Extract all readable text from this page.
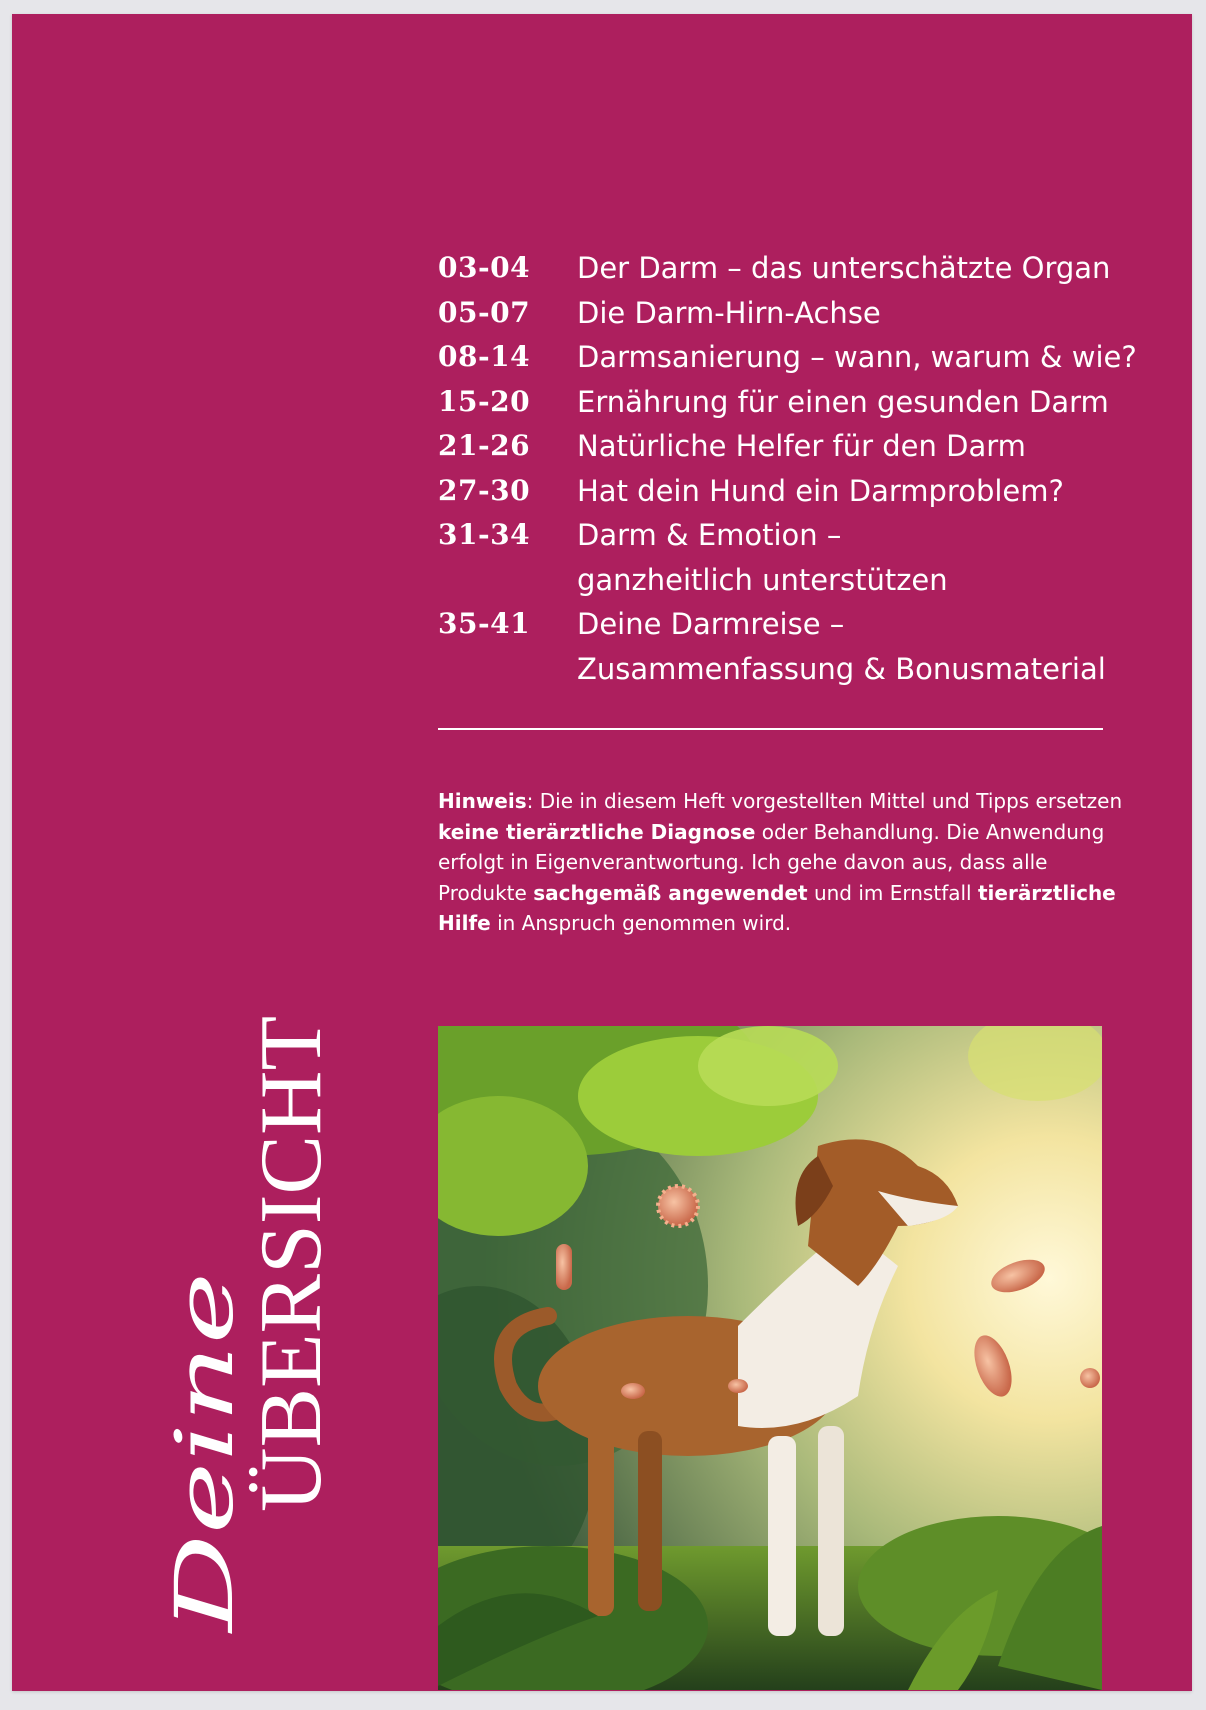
03-04	Der Darm – das unterschätzte Organ
05-07	Die Darm-Hirn-Achse
08-14	Darmsanierung – wann, warum & wie?
15-20	Ernährung für einen gesunden Darm
21-26	Natürliche Helfer für den Darm
27-30	Hat dein Hund ein Darmproblem?
31-34	Darm & Emotion –
ganzheitlich unterstützen
35-41	Deine Darmreise –
Zusammenfassung & Bonusmaterial
Hinweis: Die in diesem Heft vorgestellten Mittel und Tipps ersetzen keine tierärztliche Diagnose oder Behandlung. Die Anwendung erfolgt in Eigenverantwortung. Ich gehe davon aus, dass alle Produkte sachgemäß angewendet und im Ernstfall tierärztliche Hilfe in Anspruch genommen wird.
ÜBERSICHT
Deine
